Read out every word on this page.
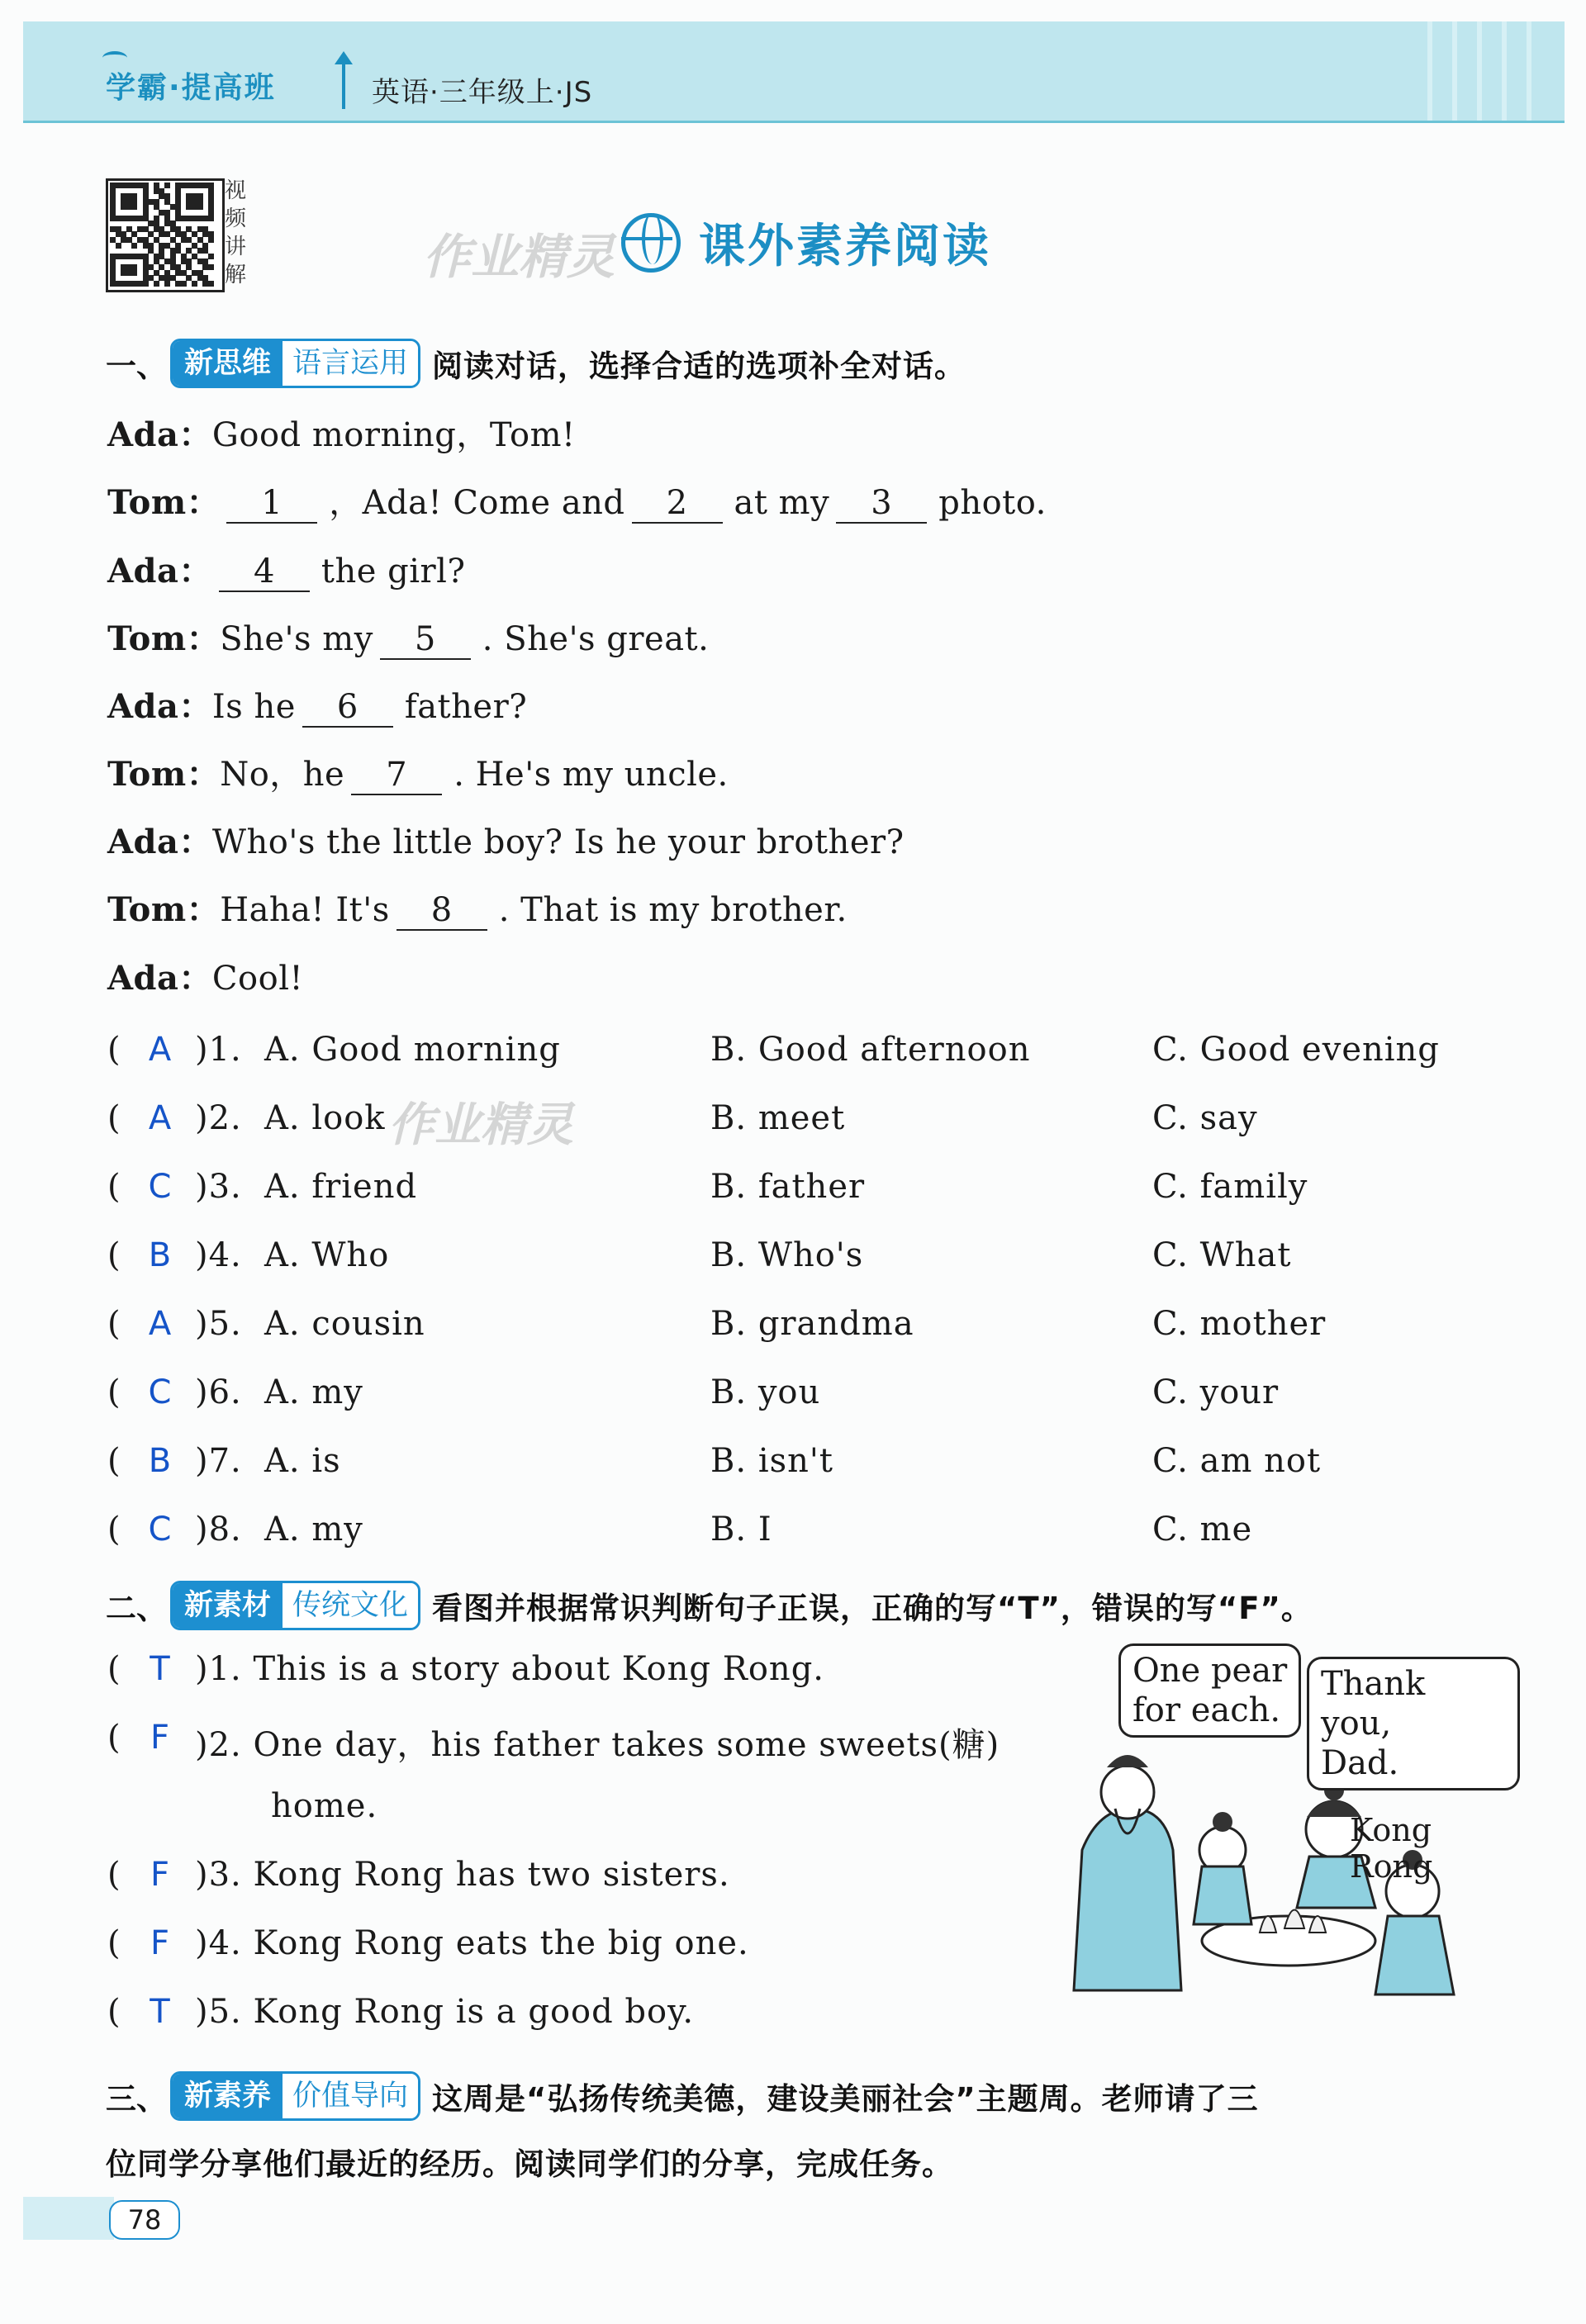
学霸·提高班	英语·三年级上·JS
视频讲解	作业精灵 课外素养阅读
一、 新思维 语言运用 阅读对话，选择合适的选项补全对话。
Ada：Good morning，Tom!
Tom： 1 ，Ada! Come and 2 at my 3 photo.
Ada： 4 the girl?
Tom：She's my 5 . She's great.
Ada：Is he 6 father?
Tom：No，he 7 . He's my uncle.
Ada：Who's the little boy? Is he your brother?
Tom：Haha! It's 8 . That is my brother.
Ada：Cool!
( A )1. A. Good morning	B. Good afternoon	C. Good evening
( A )2. A. look	B. meet	C. say
( C )3. A. friend	B. father	C. family
( B )4. A. Who	B. Who's	C. What
( A )5. A. cousin	B. grandma	C. mother
( C )6. A. my	B. you	C. your
( B )7. A. is	B. isn't	C. am not
( C )8. A. my	B. I	C. me
作业精灵
二、 新素材 传统文化 看图并根据常识判断句子正误，正确的写“T”，错误的写“F”。
( T )1. This is a story about Kong Rong.
( F )2. One day，his father takes some sweets(糖)
home.
( F )3. Kong Rong has two sisters.
( F )4. Kong Rong eats the big one.
( T )5. Kong Rong is a good boy.
One pear
for each.
Thank you,
Dad.
Kong Rong
三、 新素养 价值导向 这周是“弘扬传统美德，建设美丽社会”主题周。老师请了三
位同学分享他们最近的经历。阅读同学们的分享，完成任务。
78
